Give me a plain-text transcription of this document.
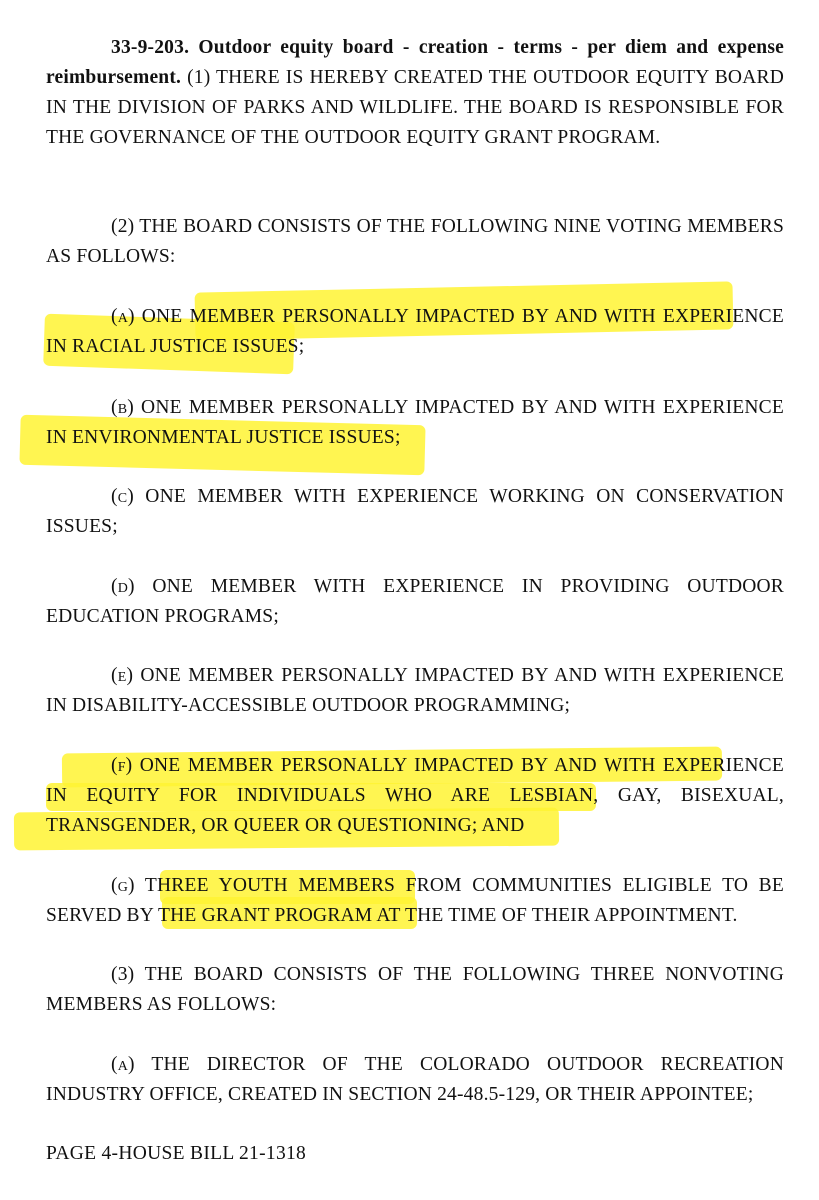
33-9-203. Outdoor equity board - creation - terms - per diem and expense reimbursement. (1) THERE IS HEREBY CREATED THE OUTDOOR EQUITY BOARD IN THE DIVISION OF PARKS AND WILDLIFE. THE BOARD IS RESPONSIBLE FOR THE GOVERNANCE OF THE OUTDOOR EQUITY GRANT PROGRAM.
(2) THE BOARD CONSISTS OF THE FOLLOWING NINE VOTING MEMBERS AS FOLLOWS:
(a) ONE MEMBER PERSONALLY IMPACTED BY AND WITH EXPERIENCE IN RACIAL JUSTICE ISSUES;
(b) ONE MEMBER PERSONALLY IMPACTED BY AND WITH EXPERIENCE IN ENVIRONMENTAL JUSTICE ISSUES;
(c) ONE MEMBER WITH EXPERIENCE WORKING ON CONSERVATION ISSUES;
(d) ONE MEMBER WITH EXPERIENCE IN PROVIDING OUTDOOR EDUCATION PROGRAMS;
(e) ONE MEMBER PERSONALLY IMPACTED BY AND WITH EXPERIENCE IN DISABILITY-ACCESSIBLE OUTDOOR PROGRAMMING;
(f) ONE MEMBER PERSONALLY IMPACTED BY AND WITH EXPERIENCE IN EQUITY FOR INDIVIDUALS WHO ARE LESBIAN, GAY, BISEXUAL, TRANSGENDER, OR QUEER OR QUESTIONING; AND
(g) THREE YOUTH MEMBERS FROM COMMUNITIES ELIGIBLE TO BE SERVED BY THE GRANT PROGRAM AT THE TIME OF THEIR APPOINTMENT.
(3) THE BOARD CONSISTS OF THE FOLLOWING THREE NONVOTING MEMBERS AS FOLLOWS:
(a) THE DIRECTOR OF THE COLORADO OUTDOOR RECREATION INDUSTRY OFFICE, CREATED IN SECTION 24-48.5-129, OR THEIR APPOINTEE;
PAGE 4-HOUSE BILL 21-1318
